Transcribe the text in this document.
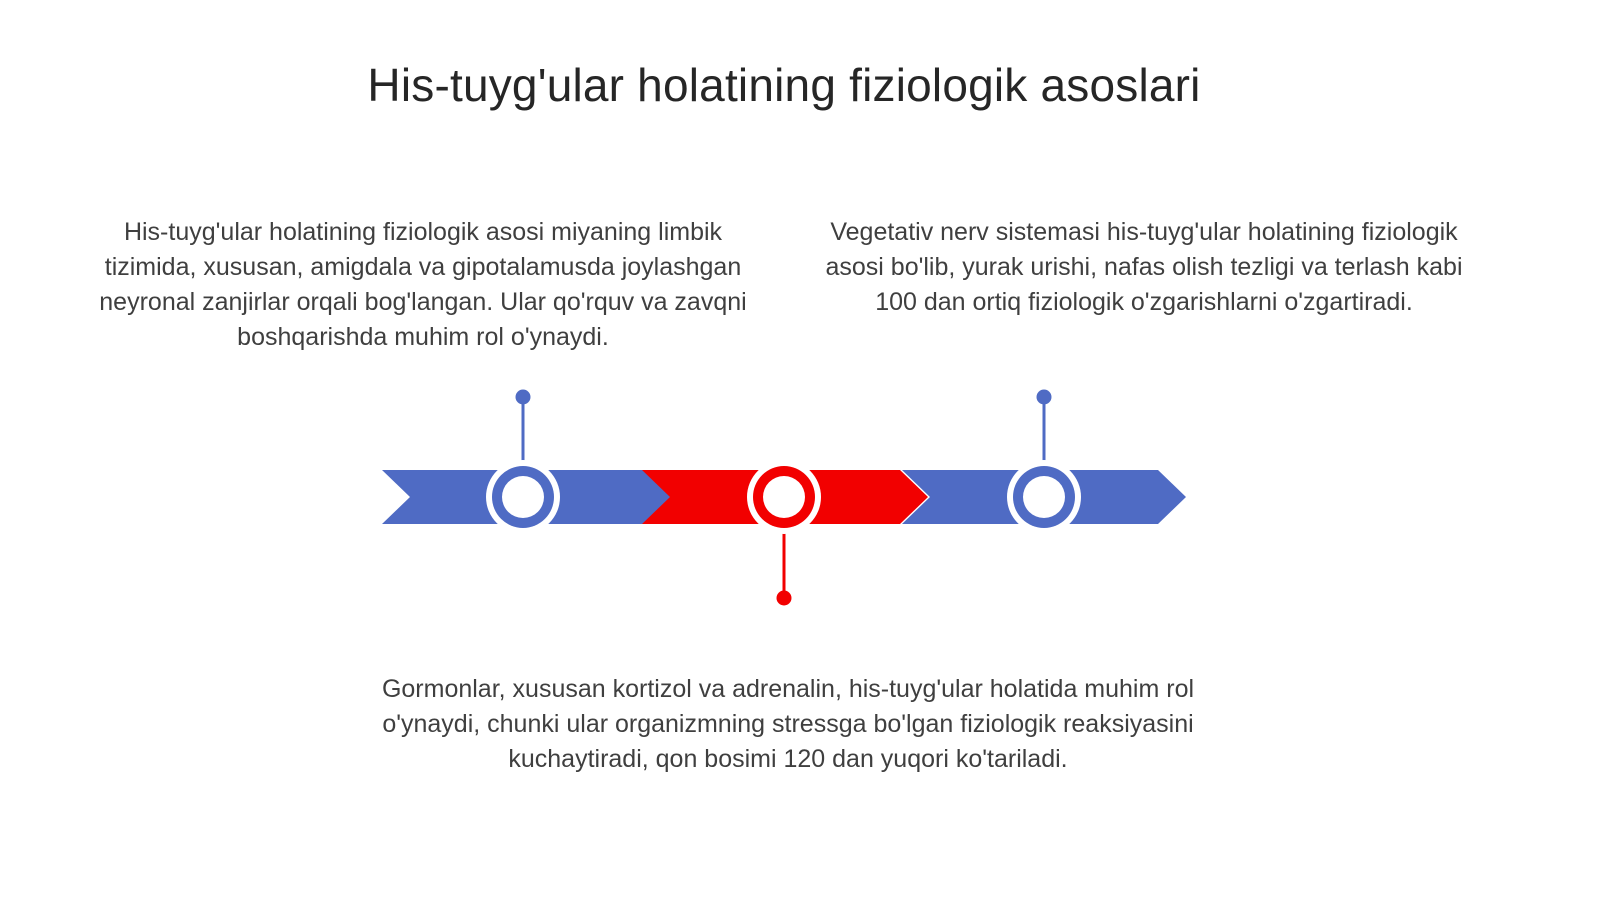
His-tuyg'ular holatining fiziologik asoslari

His-tuyg'ular holatining fiziologik asosi miyaning limbik tizimida, xususan, amigdala va gipotalamusda joylashgan neyronal zanjirlar orqali bog'langan. Ular qo'rquv va zavqni boshqarishda muhim rol o'ynaydi.

Vegetativ nerv sistemasi his-tuyg'ular holatining fiziologik asosi bo'lib, yurak urishi, nafas olish tezligi va terlash kabi 100 dan ortiq fiziologik o'zgarishlarni o'zgartiradi.

Gormonlar, xususan kortizol va adrenalin, his-tuyg'ular holatida muhim rol o'ynaydi, chunki ular organizmning stressga bo'lgan fiziologik reaksiyasini kuchaytiradi, qon bosimi 120 dan yuqori ko'tariladi.
